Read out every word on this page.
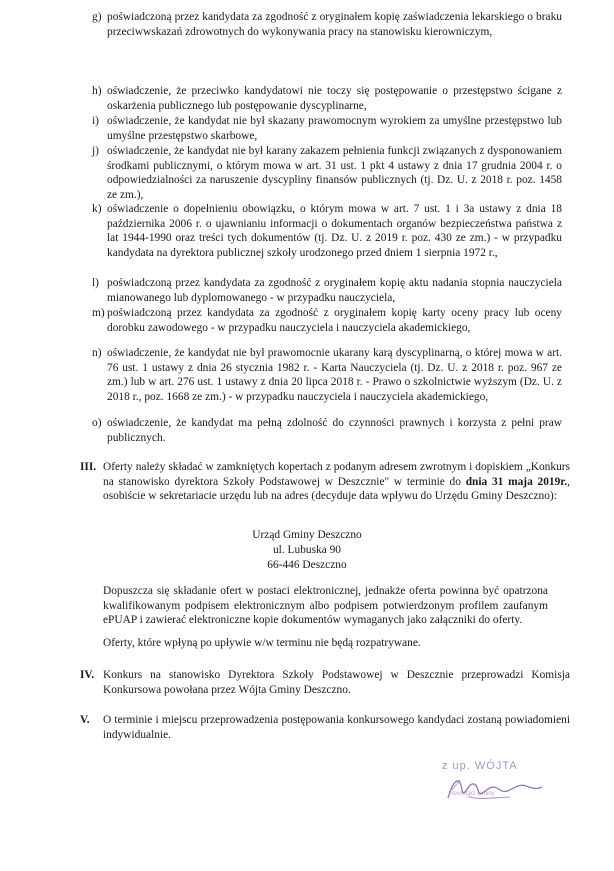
g) poświadczoną przez kandydata za zgodność z oryginałem kopię zaświadczenia lekarskiego o braku przeciwwskazań zdrowotnych do wykonywania pracy na stanowisku kierowniczym,
h) oświadczenie, że przeciwko kandydatowi nie toczy się postępowanie o przestępstwo ścigane z oskarżenia publicznego lub postępowanie dyscyplinarne,
i) oświadczenie, że kandydat nie był skazany prawomocnym wyrokiem za umyślne przestępstwo lub umyślne przestępstwo skarbowe,
j) oświadczenie, że kandydat nie był karany zakazem pełnienia funkcji związanych z dysponowaniem środkami publicznymi, o którym mowa w art. 31 ust. 1 pkt 4 ustawy z dnia 17 grudnia 2004 r. o odpowiedzialności za naruszenie dyscypliny finansów publicznych (tj. Dz. U. z 2018 r. poz. 1458 ze zm.),
k) oświadczenie o dopełnieniu obowiązku, o którym mowa w art. 7 ust. 1 i 3a ustawy z dnia 18 października 2006 r. o ujawnianiu informacji o dokumentach organów bezpieczeństwa państwa z lat 1944-1990 oraz treści tych dokumentów (tj. Dz. U. z 2019 r. poz. 430 ze zm.) - w przypadku kandydata na dyrektora publicznej szkoły urodzonego przed dniem 1 sierpnia 1972 r.,
l) poświadczoną przez kandydata za zgodność z oryginałem kopię aktu nadania stopnia nauczyciela mianowanego lub dyplomowanego - w przypadku nauczyciela,
m) poświadczoną przez kandydata za zgodność z oryginałem kopię karty oceny pracy lub oceny dorobku zawodowego - w przypadku nauczyciela i nauczyciela akademickiego,
n) oświadczenie, że kandydat nie był prawomocnie ukarany karą dyscyplinarną, o której mowa w art. 76 ust. 1 ustawy z dnia 26 stycznia 1982 r. - Karta Nauczyciela (tj. Dz. U. z 2018 r. poz. 967 ze zm.) lub w art. 276 ust. 1 ustawy z dnia 20 lipca 2018 r. - Prawo o szkolnictwie wyższym (Dz. U. z 2018 r., poz. 1668 ze zm.) - w przypadku nauczyciela i nauczyciela akademickiego,
o) oświadczenie, że kandydat ma pełną zdolność do czynności prawnych i korzysta z pełni praw publicznych.
III. Oferty należy składać w zamkniętych kopertach z podanym adresem zwrotnym i dopiskiem „Konkurs na stanowisko dyrektora Szkoły Podstawowej w Deszcznie" w terminie do dnia 31 maja 2019r., osobiście w sekretariacie urzędu lub na adres (decyduje data wpływu do Urzędu Gminy Deszczno):
Urząd Gminy Deszczno
ul. Lubuska 90
66-446 Deszczno
Dopuszcza się składanie ofert w postaci elektronicznej, jednakże oferta powinna być opatrzona kwalifikowanym podpisem elektronicznym albo podpisem potwierdzonym profilem zaufanym ePUAP i zawierać elektroniczne kopie dokumentów wymaganych jako załączniki do oferty.
Oferty, które wpłyną po upływie w/w terminu nie będą rozpatrywane.
IV. Konkurs na stanowisko Dyrektora Szkoły Podstawowej w Deszcznie przeprowadzi Komisja Konkursowa powołana przez Wójta Gminy Deszczno.
V. O terminie i miejscu przeprowadzenia postępowania konkursowego kandydaci zostaną powiadomieni indywidualnie.
z up. WÓJTA
Sekretarz Gminy
